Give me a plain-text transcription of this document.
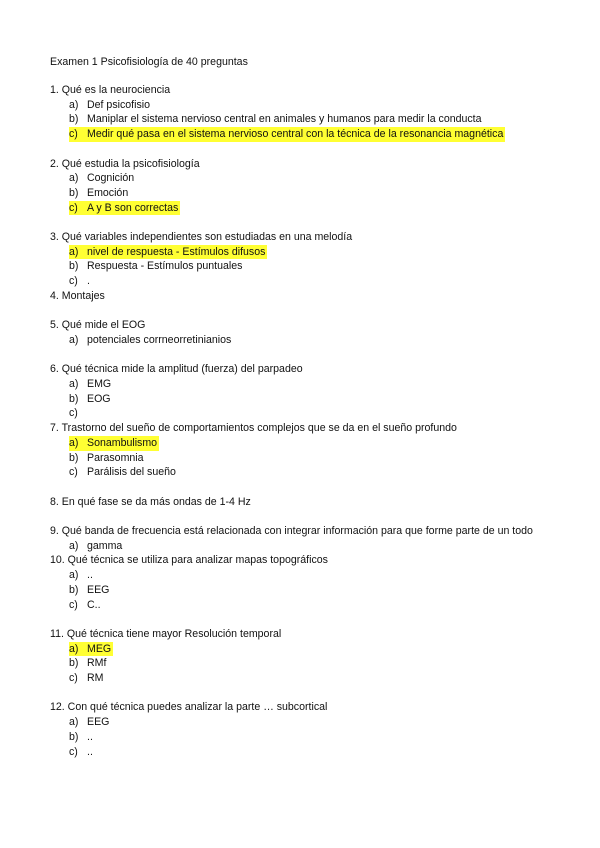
Examen 1 Psicofisiología de 40 preguntas
1. Qué es la neurociencia
a) Def psicofisio
b) Maniplar el sistema nervioso central en animales y humanos para medir la conducta
c) Medir qué pasa en el sistema nervioso central con la técnica de la resonancia magnética
2. Qué estudia la psicofisiología
a) Cognición
b) Emoción
c) A y B son correctas
3. Qué variables independientes son estudiadas en una melodía
a) nivel de respuesta - Estímulos difusos
b) Respuesta - Estímulos puntuales
c) .
4. Montajes
5. Qué mide el EOG
a) potenciales corrneorretinianios
6. Qué técnica mide la amplitud (fuerza) del parpadeo
a) EMG
b) EOG
c)
7. Trastorno del sueño de comportamientos complejos que se da en el sueño profundo
a) Sonambulismo
b) Parasomnia
c) Parálisis del sueño
8. En qué fase se da más ondas de 1-4 Hz
9. Qué banda de frecuencia está relacionada con integrar información para que forme parte de un todo
a) gamma
10. Qué técnica se utiliza para analizar mapas topográficos
a) ..
b) EEG
c) C..
11. Qué técnica tiene mayor Resolución temporal
a) MEG
b) RMf
c) RM
12. Con qué técnica puedes analizar la parte … subcortical
a) EEG
b) ..
c) ..
